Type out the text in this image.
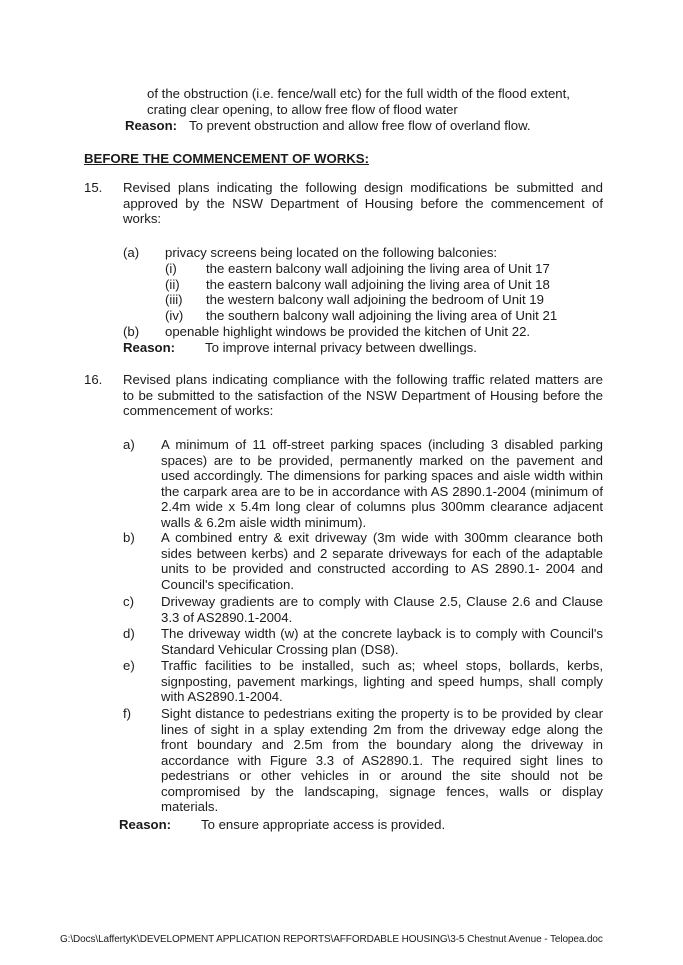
of the obstruction (i.e. fence/wall etc) for the full width of the flood extent,
crating clear opening, to allow free flow of flood water
Reason: To prevent obstruction and allow free flow of overland flow.
BEFORE THE COMMENCEMENT OF WORKS:
15. Revised plans indicating the following design modifications be submitted and approved by the NSW Department of Housing before the commencement of works:
(a) privacy screens being located on the following balconies:
(i) the eastern balcony wall adjoining the living area of Unit 17
(ii) the eastern balcony wall adjoining the living area of Unit 18
(iii) the western balcony wall adjoining the bedroom of Unit 19
(iv) the southern balcony wall adjoining the living area of Unit 21
(b) openable highlight windows be provided the kitchen of Unit 22.
Reason: To improve internal privacy between dwellings.
16. Revised plans indicating compliance with the following traffic related matters are to be submitted to the satisfaction of the NSW Department of Housing before the commencement of works:
a) A minimum of 11 off-street parking spaces (including 3 disabled parking spaces) are to be provided, permanently marked on the pavement and used accordingly. The dimensions for parking spaces and aisle width within the carpark area are to be in accordance with AS 2890.1-2004 (minimum of 2.4m wide x 5.4m long clear of columns plus 300mm clearance adjacent walls & 6.2m aisle width minimum).
b) A combined entry & exit driveway (3m wide with 300mm clearance both sides between kerbs) and 2 separate driveways for each of the adaptable units to be provided and constructed according to AS 2890.1- 2004 and Council's specification.
c) Driveway gradients are to comply with Clause 2.5, Clause 2.6 and Clause 3.3 of AS2890.1-2004.
d) The driveway width (w) at the concrete layback is to comply with Council's Standard Vehicular Crossing plan (DS8).
e) Traffic facilities to be installed, such as; wheel stops, bollards, kerbs, signposting, pavement markings, lighting and speed humps, shall comply with AS2890.1-2004.
f) Sight distance to pedestrians exiting the property is to be provided by clear lines of sight in a splay extending 2m from the driveway edge along the front boundary and 2.5m from the boundary along the driveway in accordance with Figure 3.3 of AS2890.1. The required sight lines to pedestrians or other vehicles in or around the site should not be compromised by the landscaping, signage fences, walls or display materials.
Reason: To ensure appropriate access is provided.
G:\Docs\LaffertyK\DEVELOPMENT APPLICATION REPORTS\AFFORDABLE HOUSING\3-5 Chestnut Avenue - Telopea.doc
